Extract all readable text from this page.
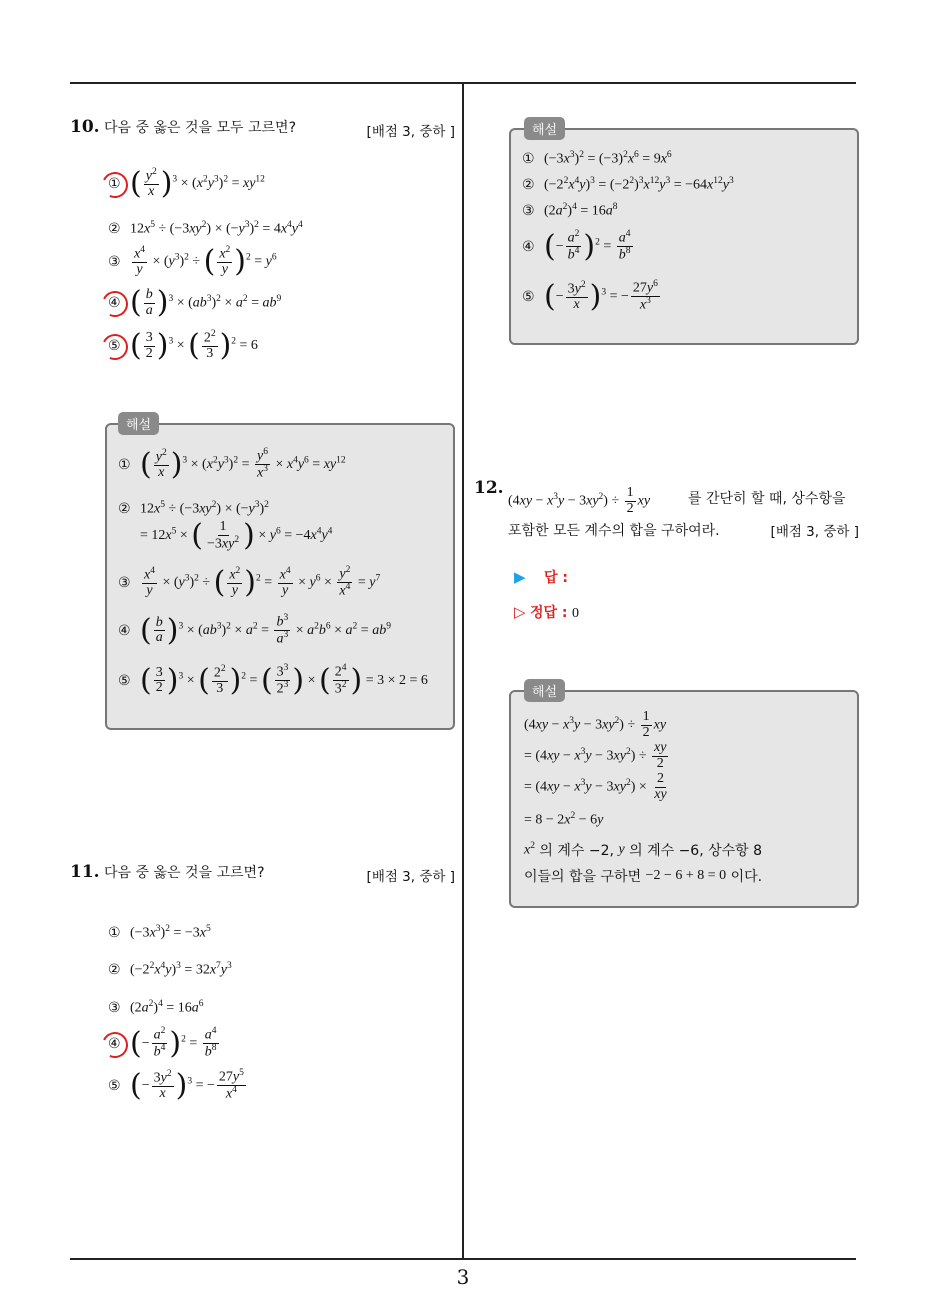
10. 다음 중 옳은 것을 모두 고르면?	[배점 3, 중하 ]
① ( $\frac{y^2}{x} )^3 \times (x^2y^3)^2 = xy^{12}$
② $12x^5 \div (-3xy^2) \times (-y^3)^2 = 4x^4y^4$
③ $\frac{x^4}{y} \times (y^3)^2$ ÷ ( $\frac{x^2}{y} )^2 = y^6$
④ ( $\frac{b}{a} )^3 \times (ab^3)^2 \times a^2 = ab^9$
⑤ ( $\frac{3}{2} )^3$ × ( $\frac{2^2}{3} )^2 = 6$
해설
① ( $\frac{y^2}{x} )^3 \times (x^2y^3)^2 = \frac{y^6}{x^3} \times x^4y^6 = xy^{12}$
② $12x^5 \div (-3xy^2) \times (-y^3)^2$
= $12x^5$ × ( $\frac{1}{-3xy^2}$ ) × $y^6 = -4x^4y^4$
③ $\frac{x^4}{y} \times (y^3)^2$ ÷ ( $\frac{x^2}{y} )^2 = \frac{x^4}{y} \times y^6 \times \frac{y^2}{x^4} = y^7$
④ ( $\frac{b}{a} )^3 \times (ab^3)^2 \times a^2 = \frac{b^3}{a^3} \times a^2b^6 \times a^2 = ab^9$
⑤ ( $\frac{3}{2} )^3$ × ( $\frac{2^2}{3} )^2$ = ( $\frac{3^3}{2^3}$ ) × ( $\frac{2^4}{3^2}$ ) = 3 × 2 = 6
11. 다음 중 옳은 것을 고르면?	[배점 3, 중하 ]
① $(-3x^3)^2 = -3x^5$
② $(-2^2x^4y)^3 = 32x^7y^3$
③ $(2a^2)^4 = 16a^6$
④ (− $\frac{a^2}{b^4} )^2 = \frac{a^4}{b^8}$
⑤ (− $\frac{3y^2}{x} )^3$ = − $\frac{27y^5}{x^4}$
해설
① $(-3x^3)^2 = (-3)^2x^6 = 9x^6$
② $(-2^2x^4y)^3 = (-2^2)^3x^{12}y^3 = -64x^{12}y^3$
③ $(2a^2)^4 = 16a^8$
④ (− $\frac{a^2}{b^4} )^2 = \frac{a^4}{b^8}$
⑤ (− $\frac{3y^2}{x} )^3$ = − $\frac{27y^6}{x^3}$
12.
$(4xy - x^3y - 3xy^2) \div \frac{1}{2}$ xy	를 간단히 할 때, 상수항을
포함한 모든 계수의 합을 구하여라.	[배점 3, 중하 ]
▶ 답 :
▷ 정답 : 0
해설
$(4xy - x^3y - 3xy^2) \div \frac{1}{2}$ xy
= $(4xy - x^3y - 3xy^2) \div \frac{xy}{2}$
= $(4xy - x^3y - 3xy^2) \times \frac{2}{xy}$
= $8 - 2x^2 - 6y$
$x^2$
의 계수 −2,
y
의 계수 −6, 상수항 8
이들의 합을 구하면
−2 − 6 + 8 = 0
이다.
3
